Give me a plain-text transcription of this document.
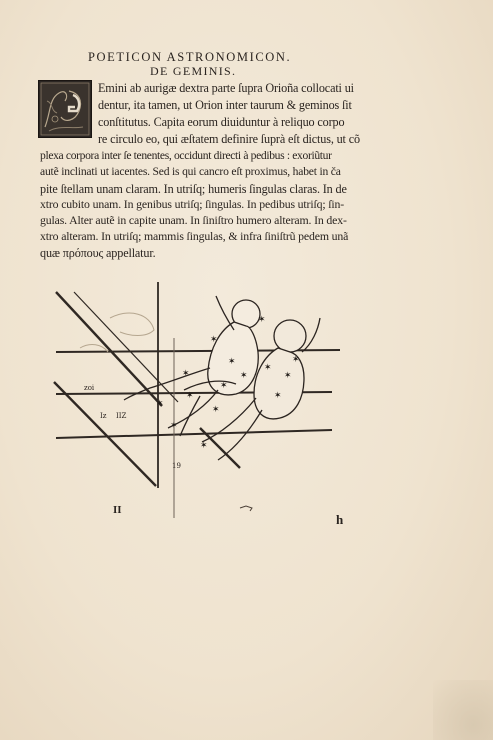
POETICON ASTRONOMICON.
DE GEMINIS.
Emini ab aurigæ dextra parte ſupra Orioña collocati ui
dentur, ita tamen, ut Orion inter taurum & geminos ſit
conſtitutus. Capita eorum diuiduntur à reliquo corpo
re circulo eo, qui æſtatem definire ſuprà eſt dictus, ut cõ
plexa corpora inter ſe tenentes, occidunt directi à pedibus : exoriũtur
autẽ inclinati ut iacentes. Sed is qui cancro eſt proximus, habet in ča
pite ſtellam unam claram. In utriſq; humeris ſingulas claras. In de
xtro cubito unam. In genibus utriſq; ſingulas. In pedibus utriſq; ſin-
gulas. Alter autẽ in capite unam. In ſiniſtro humero alteram. In dex-
xtro alteram. In utriſq; mammis ſingulas, & infra ſiniſtrũ pedem unã
quæ πρόπους appellatur.
✶
✶
✶
✶
✶
✶
✶
✶
✶
✶
✶
✶
✶
✶
✶
zoi
IIZ
Ιz
19
ΙΙ
h
